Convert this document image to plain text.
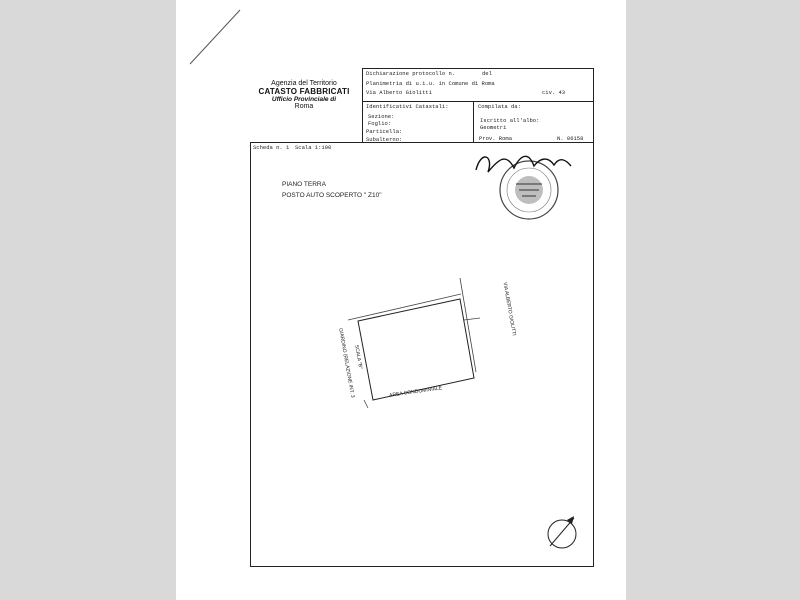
Agenzia del Territorio
CATASTO FABBRICATI
Ufficio Provinciale di
Roma
Dichiarazione protocollo n.	del
Planimetria di u.i.u. in Comune di Roma
Via Alberto Giolitti	civ. 43
Identificativi Catastali:
Sezione:
Foglio:
Particella:
Subalterno:
Compilata da:
Iscritto all'albo:
Geometri
Prov. Roma	N. 06158
Scheda n. 1 Scala 1:100
PIANO TERRA
POSTO AUTO SCOPERTO " Z10"
VIA ALBERTO GIOLITTI
GIARDINO (RELAZIONE INT. 3
SCALA "B"
AREA CONDOMINIALE
